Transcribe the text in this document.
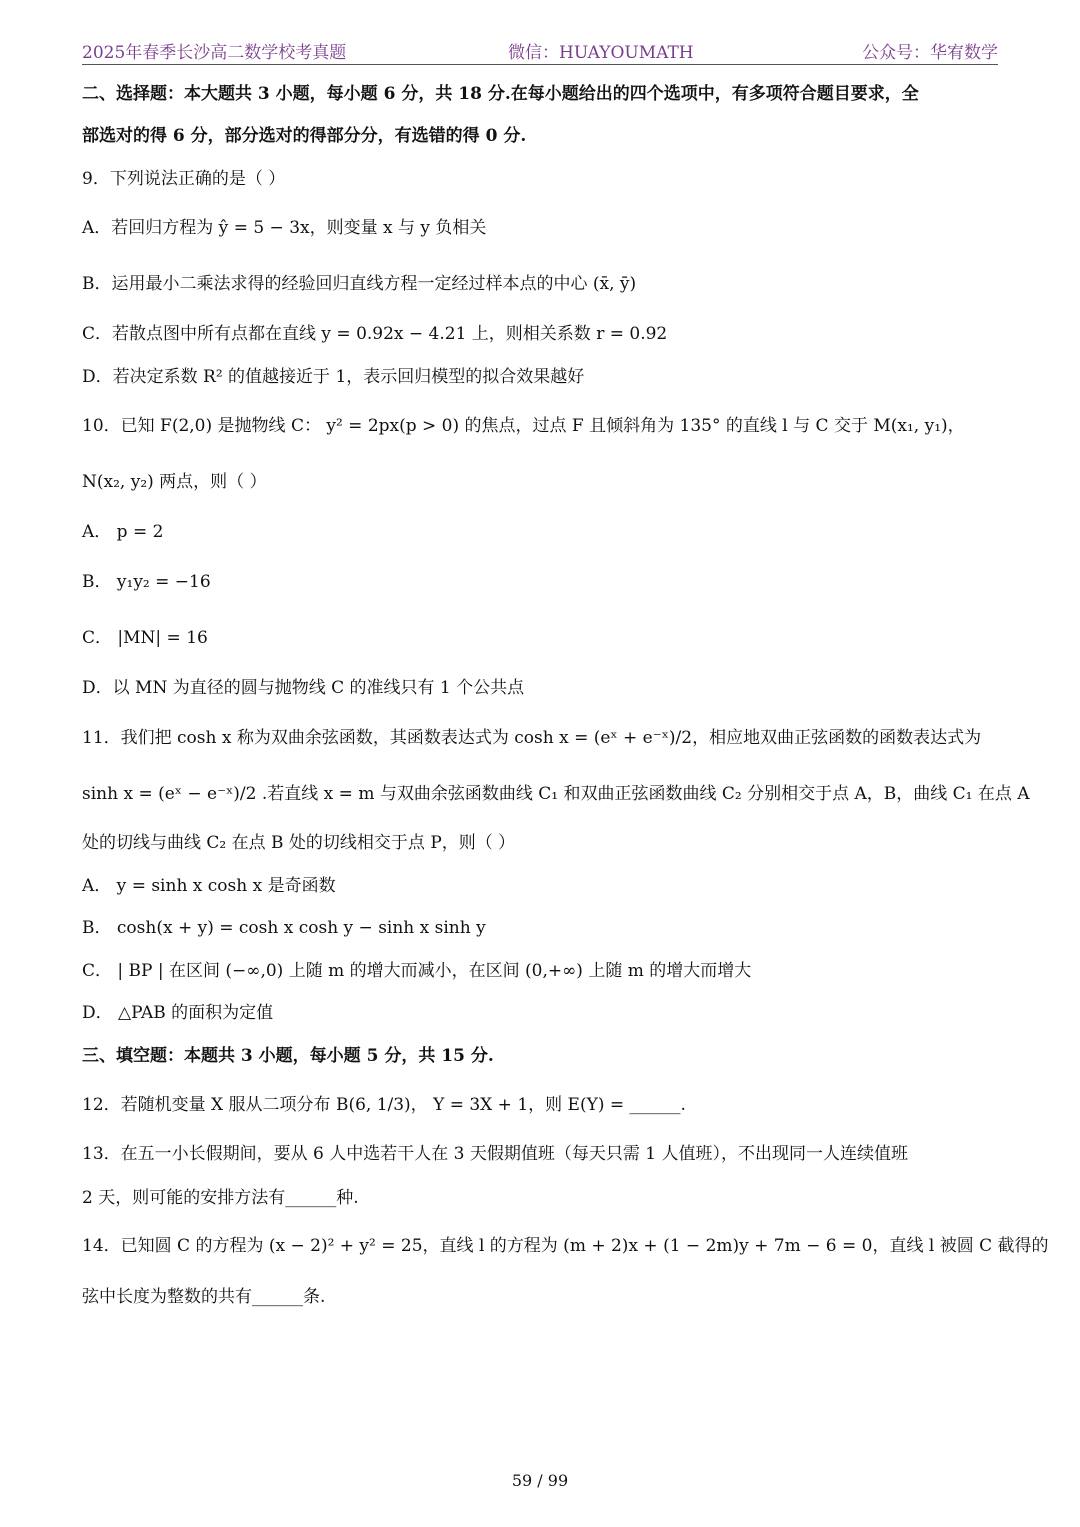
2025年春季长沙高二数学校考真题	微信：HUAYOUMATH	公众号：华宥数学
二、选择题：本大题共 3 小题，每小题 6 分，共 18 分.在每小题给出的四个选项中，有多项符合题目要求，全
部选对的得 6 分，部分选对的得部分分，有选错的得 0 分.
9．下列说法正确的是（ ）
A．若回归方程为 ŷ = 5 − 3x，则变量 x 与 y 负相关
B．运用最小二乘法求得的经验回归直线方程一定经过样本点的中心 (x̄, ȳ)
C．若散点图中所有点都在直线 y = 0.92x − 4.21 上，则相关系数 r = 0.92
D．若决定系数 R² 的值越接近于 1，表示回归模型的拟合效果越好
10．已知 F(2,0) 是抛物线 C： y² = 2px(p > 0) 的焦点，过点 F 且倾斜角为 135° 的直线 l 与 C 交于 M(x₁, y₁)，
N(x₂, y₂) 两点，则（ ）
A． p = 2
B． y₁y₂ = −16
C． |MN| = 16
D．以 MN 为直径的圆与抛物线 C 的准线只有 1 个公共点
11．我们把 cosh x 称为双曲余弦函数，其函数表达式为 cosh x = (eˣ + e⁻ˣ)/2，相应地双曲正弦函数的函数表达式为
sinh x = (eˣ − e⁻ˣ)/2 .若直线 x = m 与双曲余弦函数曲线 C₁ 和双曲正弦函数曲线 C₂ 分别相交于点 A，B，曲线 C₁ 在点 A
处的切线与曲线 C₂ 在点 B 处的切线相交于点 P，则（ ）
A． y = sinh x cosh x 是奇函数
B． cosh(x + y) = cosh x cosh y − sinh x sinh y
C． | BP | 在区间 (−∞,0) 上随 m 的增大而减小，在区间 (0,+∞) 上随 m 的增大而增大
D． △PAB 的面积为定值
三、填空题：本题共 3 小题，每小题 5 分，共 15 分.
12．若随机变量 X 服从二项分布 B(6, 1/3)， Y = 3X + 1，则 E(Y) = ______.
13．在五一小长假期间，要从 6 人中选若干人在 3 天假期值班（每天只需 1 人值班），不出现同一人连续值班
2 天，则可能的安排方法有______种.
14．已知圆 C 的方程为 (x − 2)² + y² = 25，直线 l 的方程为 (m + 2)x + (1 − 2m)y + 7m − 6 = 0，直线 l 被圆 C 截得的
弦中长度为整数的共有______条.
59 / 99
